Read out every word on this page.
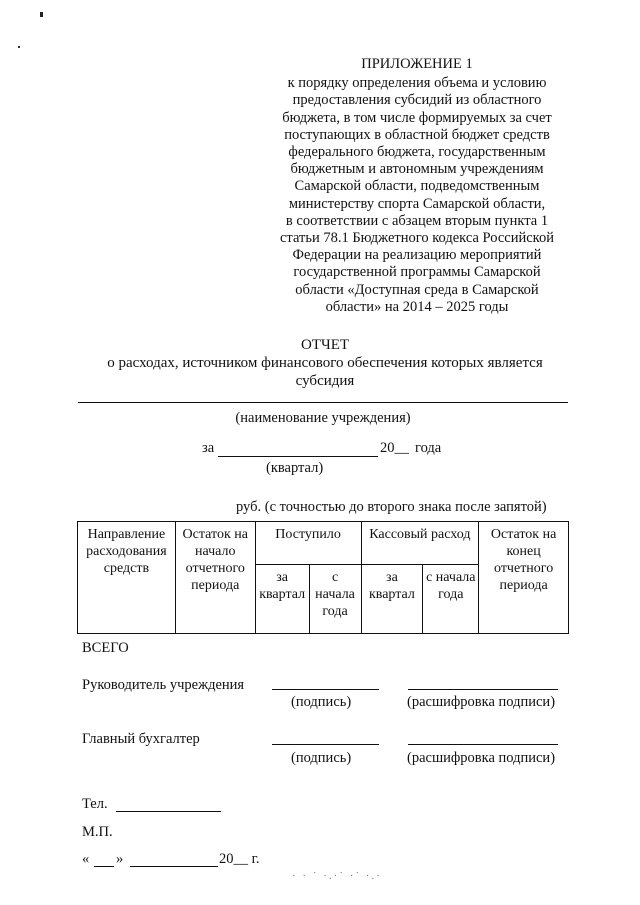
ПРИЛОЖЕНИЕ 1
к порядку определения объема и условию
предоставления субсидий из областного
бюджета, в том числе формируемых за счет
поступающих в областной бюджет средств
федерального бюджета, государственным
бюджетным и автономным учреждениям
Самарской области, подведомственным
министерству спорта Самарской области,
в соответствии с абзацем вторым пункта 1
статьи 78.1 Бюджетного кодекса Российской
Федерации на реализацию мероприятий
государственной программы Самарской
области «Доступная среда в Самарской
области» на 2014 – 2025 годы
ОТЧЕТ
о расходах, источником финансового обеспечения которых является
субсидия
(наименование учреждения)
за	20__ года
(квартал)
руб. (с точностью до второго знака после запятой)
Направление расходования средств	Остаток на начало отчетного периода	Поступило		Кассовый расход		Остаток на конец отчетного периода
		за квартал	с начала года	за квартал	с начала года	
ВСЕГО
Руководитель учреждения
(подпись)	(расшифровка подписи)
Главный бухгалтер
(подпись)	(расшифровка подписи)
Тел.
М.П.
« »	20__ г.
· · ˙ ·.·˙ ·˙ ·.·
